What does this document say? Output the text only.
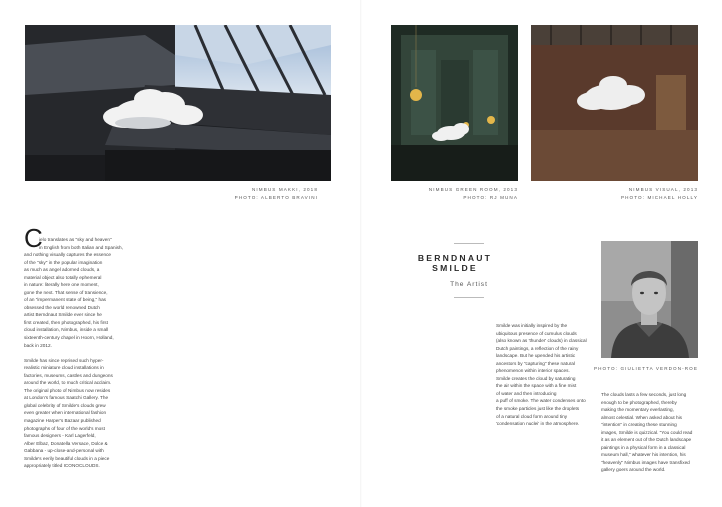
NIMBUS MAKKI, 2018
PHOTO: ALBERTO BRAVINI
NIMBUS GREEN ROOM, 2013
PHOTO: RJ MUNA
NIMBUS VISUAL, 2013
PHOTO: MICHAEL HOLLY
C
ielo translates as "sky and heaven"
in English from both Italian and Spanish,
and nothing visually captures the essence
of the "sky" in the popular imagination
as much as angel adorned clouds, a
material object also totally ephemeral
in nature: literally here one moment,
gone the next. That sense of transience,
of an "impermanent state of being," has
obsessed the world renowned Dutch
artist Berndnaut Smilde ever since he
first created, then photographed, his first
cloud installation, Nimbus, inside a small
sixteenth-century chapel in Hoorn, Holland,
back in 2012.
Smilde has since reprised such hyper-
realistic miniature cloud installations in
factories, museums, castles and dungeons
around the world, to much critical acclaim.
The original photo of Nimbus now resides
at London's famous Saatchi Gallery. The
global celebrity of Smilde's clouds grew
even greater when international fashion
magazine Harper's Bazaar published
photographs of four of the world's most
famous designers - Karl Lagerfeld,
Alber Elbaz, Donatella Versace, Dolce &
Gabbana - up-close-and-personal with
Smilde's eerily beautiful clouds in a piece
appropriately titled ICONOCLOUDS.
BERNDNAUT SMILDE
The Artist
Smilde was initially inspired by the
ubiquitous presence of cumulus clouds
(also known as 'thunder' clouds) in classical
Dutch paintings, a reflection of the rainy
landscape. But he upended his artistic
ancestors by "capturing" these natural
phenomenon within interior spaces.
Smilde creates the cloud by saturating
the air within the space with a fine mist
of water and then introducing
a puff of smoke. The water condenses onto
the smoke particles just like the droplets
of a natural cloud form around tiny
'condensation nuclei' in the atmosphere.
PHOTO: GIULIETTA VERDON-ROE
The clouds lasts a few seconds, just long
enough to be photographed, thereby
making the momentary everlasting,
almost celestial. When asked about his
"intention" in creating these stunning
images, Smilde is quizzical. "You could read
it as an element out of the Dutch landscape
paintings in a physical form in a classical
museum hall," whatever his intention, his
"heavenly" Nimbus images have transfixed
gallery goers around the world.
